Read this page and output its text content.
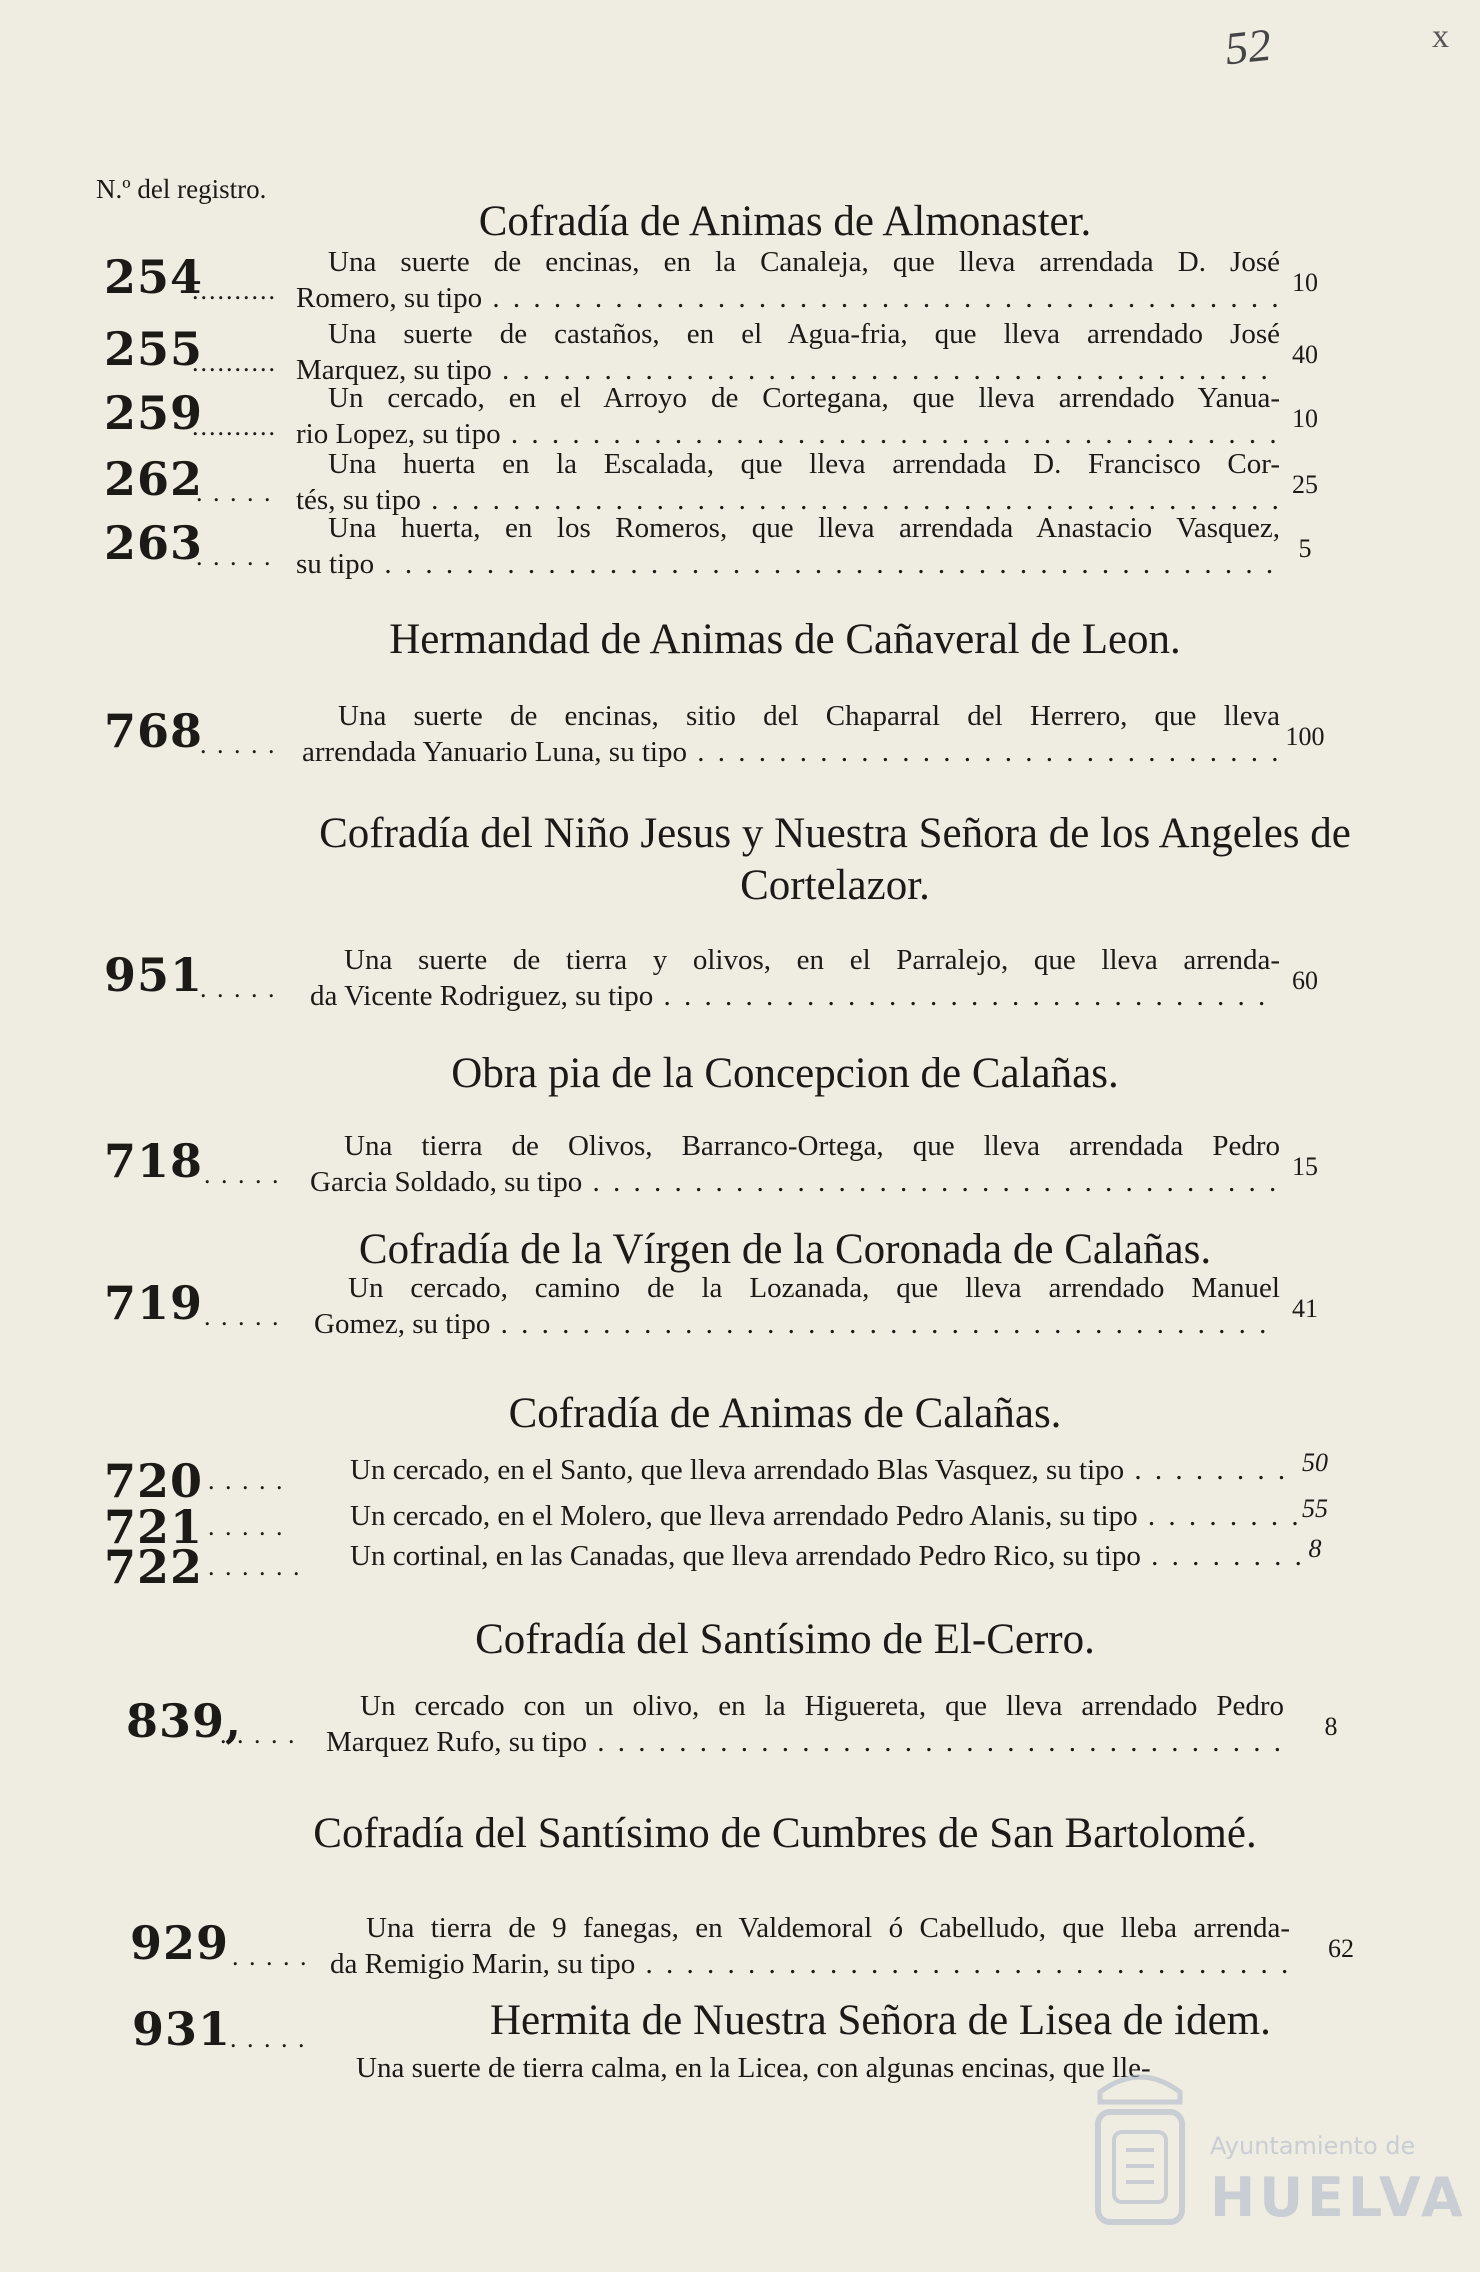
52	x
N.º del registro.
Cofradía de Animas de Almonaster.
254
..........
Una suerte de encinas, en la Canaleja, que lleva arrendada D. José
Romero, su tipo . . .	10
255
..........
Una suerte de castaños, en el Agua-fria, que lleva arrendado José
Marquez, su tipo . . .	40
259
..........
Un cercado, en el Arroyo de Cortegana, que lleva arrendado Yanua-
rio Lopez, su tipo . . .	10
262
. . . . .
Una huerta en la Escalada, que lleva arrendada D. Francisco Cor-
tés, su tipo . . .	25
263
. . . . .
Una huerta, en los Romeros, que lleva arrendada Anastacio Vasquez,
su tipo . . .	5
Hermandad de Animas de Cañaveral de Leon.
768
. . . . .
Una suerte de encinas, sitio del Chaparral del Herrero, que lleva
arrendada Yanuario Luna, su tipo . . .	100
Cofradía del Niño Jesus y Nuestra Señora de los Angeles de Cortelazor.
951
. . . . .
Una suerte de tierra y olivos, en el Parralejo, que lleva arrenda-
da Vicente Rodriguez, su tipo . . .	60
Obra pia de la Concepcion de Calañas.
718 . . . . .
Una tierra de Olivos, Barranco-Ortega, que lleva arrendada Pedro
Garcia Soldado, su tipo . . .	15
Cofradía de la Vírgen de la Coronada de Calañas.
719 . . . . .
Un cercado, camino de la Lozanada, que lleva arrendado Manuel
Gomez, su tipo . . .	41
Cofradía de Animas de Calañas.
720 . . . . . Un cercado, en el Santo, que lleva arrendado Blas Vasquez, su tipo . . .	50
721 . . . . . Un cercado, en el Molero, que lleva arrendado Pedro Alanis, su tipo . . .	55
722 . . . . . . Un cortinal, en las Canadas, que lleva arrendado Pedro Rico, su tipo . . .	8
Cofradía del Santísimo de El-Cerro.
839,
. . . . .
Un cercado con un olivo, en la Higuereta, que lleva arrendado Pedro
Marquez Rufo, su tipo . . .	8
Cofradía del Santísimo de Cumbres de San Bartolomé.
929 . . . . .
Una tierra de 9 fanegas, en Valdemoral ó Cabelludo, que lleba arrenda-
da Remigio Marin, su tipo . . .	62
931
. . . . .	Hermita de Nuestra Señora de Lisea de idem.
Una suerte de tierra calma, en la Licea, con algunas encinas, que lle-
Ayuntamiento de
HUELVA
